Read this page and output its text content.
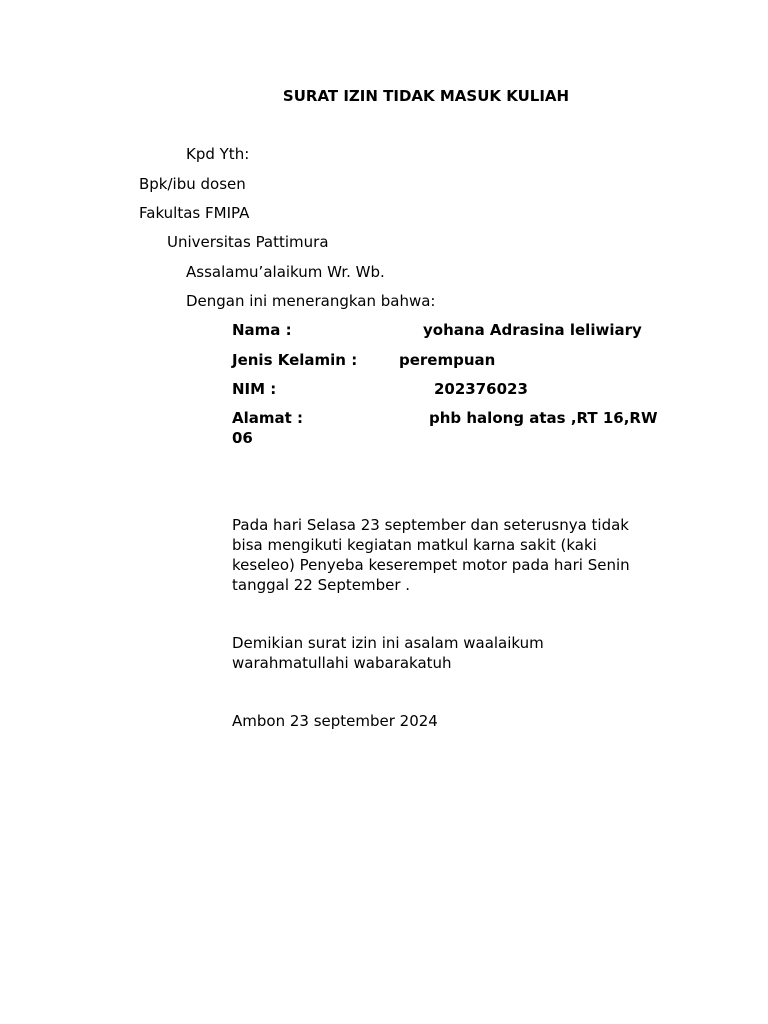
SURAT IZIN TIDAK MASUK KULIAH
Kpd Yth:
Bpk/ibu dosen
Fakultas FMIPA
Universitas Pattimura
Assalamu’alaikum Wr. Wb.
Dengan ini menerangkan bahwa:
Nama :	yohana Adrasina leliwiary
Jenis Kelamin :	perempuan
NIM :	202376023
Alamat :	phb halong atas ,RT 16,RW 06
Pada hari Selasa 23 september dan seterusnya tidak bisa mengikuti kegiatan matkul karna sakit (kaki keseleo) Penyeba keserempet motor pada hari Senin tanggal 22 September .
Demikian surat izin ini asalam waalaikum warahmatullahi wabarakatuh
Ambon 23 september 2024
